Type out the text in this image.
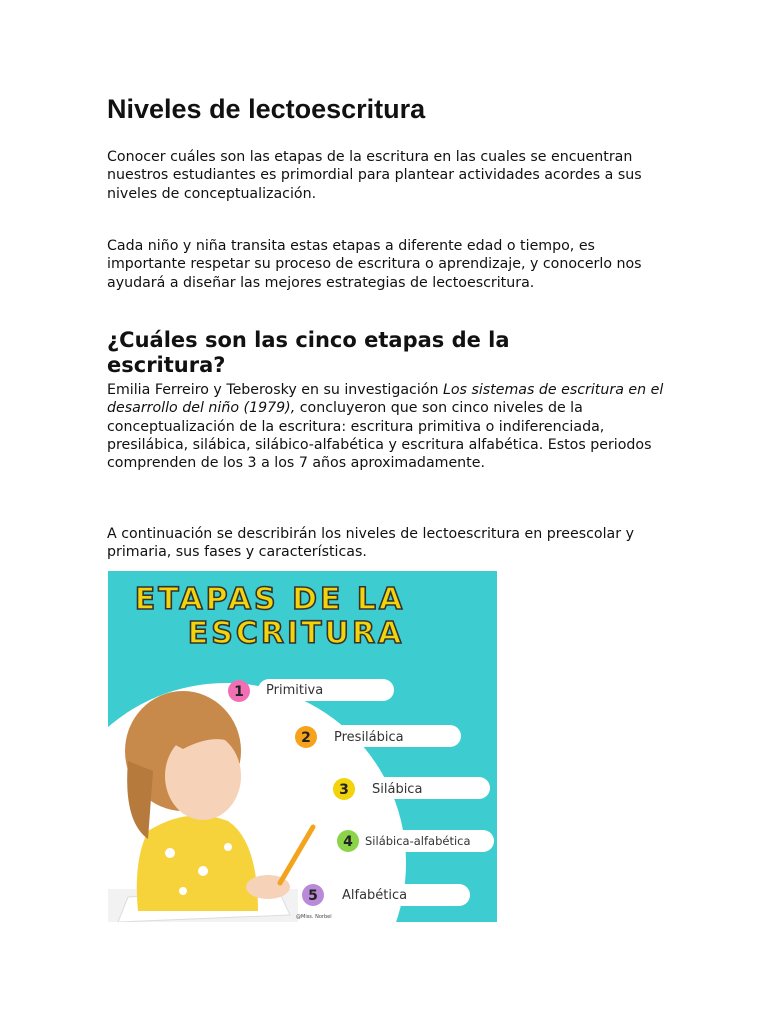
Niveles de lectoescritura

Conocer cuáles son las etapas de la escritura en las cuales se encuentran nuestros estudiantes es primordial para plantear actividades acordes a sus niveles de conceptualización.

Cada niño y niña transita estas etapas a diferente edad o tiempo, es importante respetar su proceso de escritura o aprendizaje, y conocerlo nos ayudará a diseñar las mejores estrategias de lectoescritura.

¿Cuáles son las cinco etapas de la escritura?

Emilia Ferreiro y Teberosky en su investigación Los sistemas de escritura en el desarrollo del niño (1979), concluyeron que son cinco niveles de la conceptualización de la escritura: escritura primitiva o indiferenciada, presilábica, silábica, silábico-alfabética y escritura alfabética. Estos periodos comprenden de los 3 a los 7 años aproximadamente.

A continuación se describirán los niveles de lectoescritura en preescolar y primaria, sus fases y características.

ETAPAS DE LA
ESCRITURA
1 Primitiva
2 Presilábica
3 Silábica
4 Silábica-alfabética
5 Alfabética
@Miss. Norbel
